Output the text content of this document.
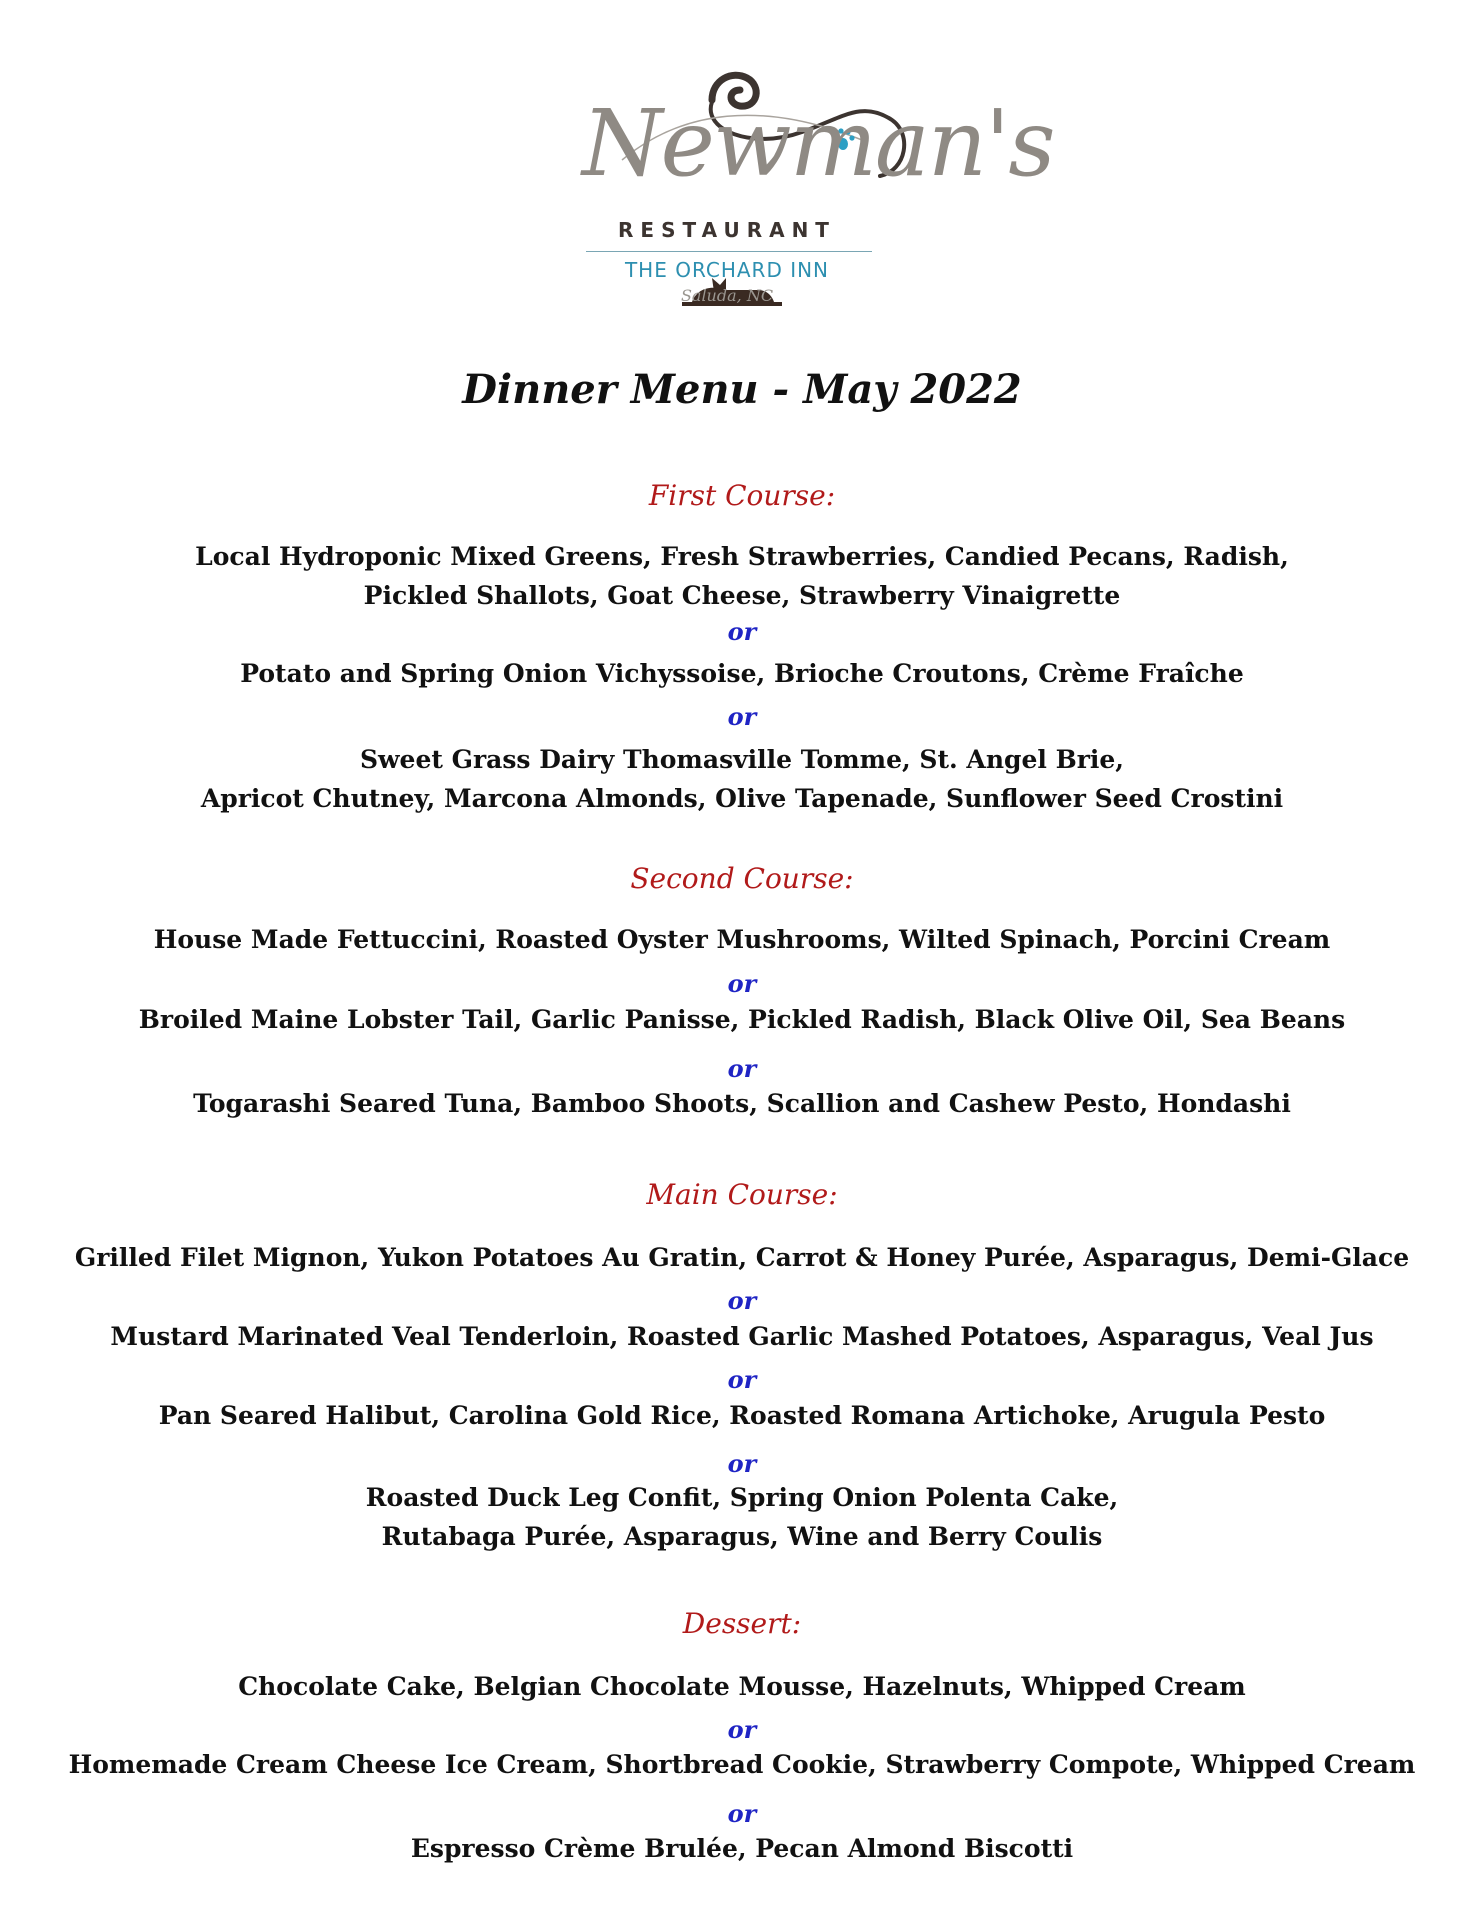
Newman's
RESTAURANT
THE ORCHARD INN
Saluda, NC
Dinner Menu - May 2022
First Course:
Local Hydroponic Mixed Greens, Fresh Strawberries, Candied Pecans, Radish,
Pickled Shallots, Goat Cheese, Strawberry Vinaigrette
or
Potato and Spring Onion Vichyssoise, Brioche Croutons, Crème Fraîche
or
Sweet Grass Dairy Thomasville Tomme, St. Angel Brie,
Apricot Chutney, Marcona Almonds, Olive Tapenade, Sunflower Seed Crostini
Second Course:
House Made Fettuccini, Roasted Oyster Mushrooms, Wilted Spinach, Porcini Cream
or
Broiled Maine Lobster Tail, Garlic Panisse, Pickled Radish, Black Olive Oil, Sea Beans
or
Togarashi Seared Tuna, Bamboo Shoots, Scallion and Cashew Pesto, Hondashi
Main Course:
Grilled Filet Mignon, Yukon Potatoes Au Gratin, Carrot & Honey Purée, Asparagus, Demi-Glace
or
Mustard Marinated Veal Tenderloin, Roasted Garlic Mashed Potatoes, Asparagus, Veal Jus
or
Pan Seared Halibut, Carolina Gold Rice, Roasted Romana Artichoke, Arugula Pesto
or
Roasted Duck Leg Confit, Spring Onion Polenta Cake,
Rutabaga Purée, Asparagus, Wine and Berry Coulis
Dessert:
Chocolate Cake, Belgian Chocolate Mousse, Hazelnuts, Whipped Cream
or
Homemade Cream Cheese Ice Cream, Shortbread Cookie, Strawberry Compote, Whipped Cream
or
Espresso Crème Brulée, Pecan Almond Biscotti
